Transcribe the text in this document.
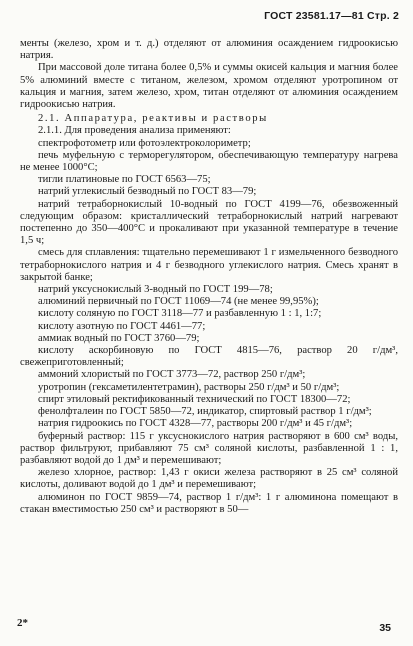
ГОСТ 23581.17—81 Стр. 2

менты (железо, хром и т. д.) отделяют от алюминия осаждением гидроокисью натрия.

При массовой доле титана более 0,5% и суммы окисей кальция и магния более 5% алюминий вместе с титаном, железом, хромом отделяют уротропином от кальция и магния, затем железо, хром, титан отделяют от алюминия осаждением гидроокисью натрия.

2.1. Аппаратура, реактивы и растворы

2.1.1. Для проведения анализа применяют:

спектрофотометр или фотоэлектроколориметр;

печь муфельную с терморегулятором, обеспечивающую температуру нагрева не менее 1000°С;

тигли платиновые по ГОСТ 6563—75;

натрий углекислый безводный по ГОСТ 83—79;

натрий тетраборнокислый 10-водный по ГОСТ 4199—76, обезвоженный следующим образом: кристаллический тетраборнокислый натрий нагревают постепенно до 350—400°С и прокаливают при указанной температуре в течение 1,5 ч;

смесь для сплавления: тщательно перемешивают 1 г измельченного безводного тетраборнокислого натрия и 4 г безводного углекислого натрия. Смесь хранят в закрытой банке;

натрий уксуснокислый 3-водный по ГОСТ 199—78;

алюминий первичный по ГОСТ 11069—74 (не менее 99,95%);

кислоту соляную по ГОСТ 3118—77 и разбавленную 1 : 1, 1:7;

кислоту азотную по ГОСТ 4461—77;

аммиак водный по ГОСТ 3760—79;

кислоту аскорбиновую по ГОСТ 4815—76, раствор 20 г/дм³, свежеприготовленный;

аммоний хлористый по ГОСТ 3773—72, раствор 250 г/дм³;

уротропин (гексаметилентетрамин), растворы 250 г/дм³ и 50 г/дм³;

спирт этиловый ректификованный технический по ГОСТ 18300—72;

фенолфталеин по ГОСТ 5850—72, индикатор, спиртовый раствор 1 г/дм³;

натрия гидроокись по ГОСТ 4328—77, растворы 200 г/дм³ и 45 г/дм³;

буферный раствор: 115 г уксуснокислого натрия растворяют в 600 см³ воды, раствор фильтруют, прибавляют 75 см³ соляной кислоты, разбавленной 1 : 1, разбавляют водой до 1 дм³ и перемешивают;

железо хлорное, раствор: 1,43 г окиси железа растворяют в 25 см³ соляной кислоты, доливают водой до 1 дм³ и перемешивают;

алюминон по ГОСТ 9859—74, раствор 1 г/дм³: 1 г алюминона помещают в стакан вместимостью 250 см³ и растворяют в 50—

2*	35
